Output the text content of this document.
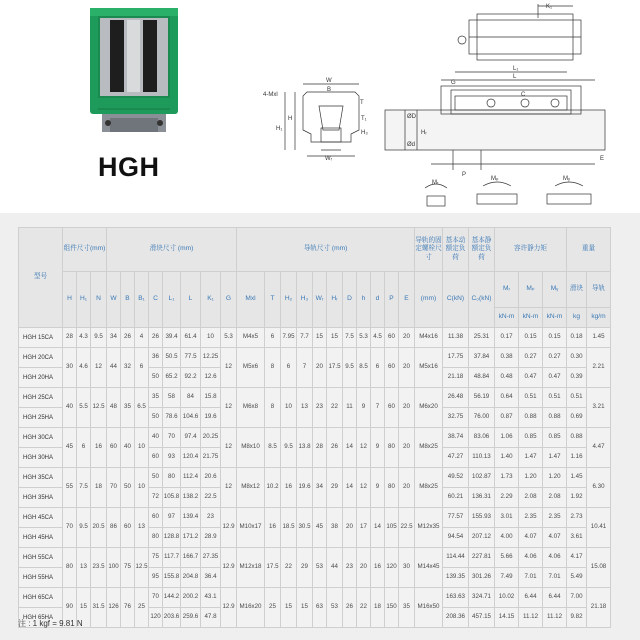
HGH
K₁
4-Mxl
W
B
H₁
H
T
T₁
H₃
Wᵣ
Hᵣ
ØD
Ød
G
L
L₁
C
P
E
Mᵣ
Mₚ	Mᵧ
型号	组件尺寸(mm)			滑块尺寸 (mm)								导轨尺寸 (mm)											导轨的固定螺栓尺寸	基本动额定负荷	基本静额定负荷	容许静力矩			重量	
	H	H₁	N	W	B	B₁	C	L₁	L	K₁	G	Mxl	T	H₂	H₃	Wᵣ	Hᵣ	D	h	d	P	E	(mm)	C(kN)	C₀(kN)	Mᵣ	Mₚ	Mᵧ	滑块	导轨
																										kN-m	kN-m	kN-m	kg	kg/m
HGH 15CA	28	4.3	9.5	34	26	4	26	39.4	61.4	10	5.3	M4x5	6	7.95	7.7	15	15	7.5	5.3	4.5	60	20	M4x16	11.38	25.31	0.17	0.15	0.15	0.18	1.45
HGH 20CA	30	4.6	12	44	32	6	36	50.5	77.5	12.25	12	M5x6	8	6	7	20	17.5	9.5	8.5	6	60	20	M5x16	17.75	37.84	0.38	0.27	0.27	0.30	2.21
HGH 20HA							50	65.2	92.2	12.6														21.18	48.84	0.48	0.47	0.47	0.39	
HGH 25CA	40	5.5	12.5	48	35	6.5	35	58	84	15.8	12	M6x8	8	10	13	23	22	11	9	7	60	20	M6x20	26.48	56.19	0.64	0.51	0.51	0.51	3.21
HGH 25HA							50	78.6	104.6	19.6														32.75	76.00	0.87	0.88	0.88	0.69	
HGH 30CA	45	6	16	60	40	10	40	70	97.4	20.25	12	M8x10	8.5	9.5	13.8	28	26	14	12	9	80	20	M8x25	38.74	83.06	1.06	0.85	0.85	0.88	4.47
HGH 30HA							60	93	120.4	21.75														47.27	110.13	1.40	1.47	1.47	1.16	
HGH 35CA	55	7.5	18	70	50	10	50	80	112.4	20.6	12	M8x12	10.2	16	19.6	34	29	14	12	9	80	20	M8x25	49.52	102.87	1.73	1.20	1.20	1.45	6.30
HGH 35HA							72	105.8	138.2	22.5														60.21	136.31	2.29	2.08	2.08	1.92	
HGH 45CA	70	9.5	20.5	86	60	13	60	97	139.4	23	12.9	M10x17	16	18.5	30.5	45	38	20	17	14	105	22.5	M12x35	77.57	155.93	3.01	2.35	2.35	2.73	10.41
HGH 45HA							80	128.8	171.2	28.9														94.54	207.12	4.00	4.07	4.07	3.61	
HGH 55CA	80	13	23.5	100	75	12.5	75	117.7	166.7	27.35	12.9	M12x18	17.5	22	29	53	44	23	20	16	120	30	M14x45	114.44	227.81	5.66	4.06	4.06	4.17	15.08
HGH 55HA							95	155.8	204.8	36.4														139.35	301.26	7.49	7.01	7.01	5.49	
HGH 65CA	90	15	31.5	126	76	25	70	144.2	200.2	43.1	12.9	M16x20	25	15	15	63	53	26	22	18	150	35	M16x50	163.63	324.71	10.02	6.44	6.44	7.00	21.18
HGH 65HA							120	203.6	259.6	47.8														208.36	457.15	14.15	11.12	11.12	9.82	
注 : 1 kgf = 9.81 N
